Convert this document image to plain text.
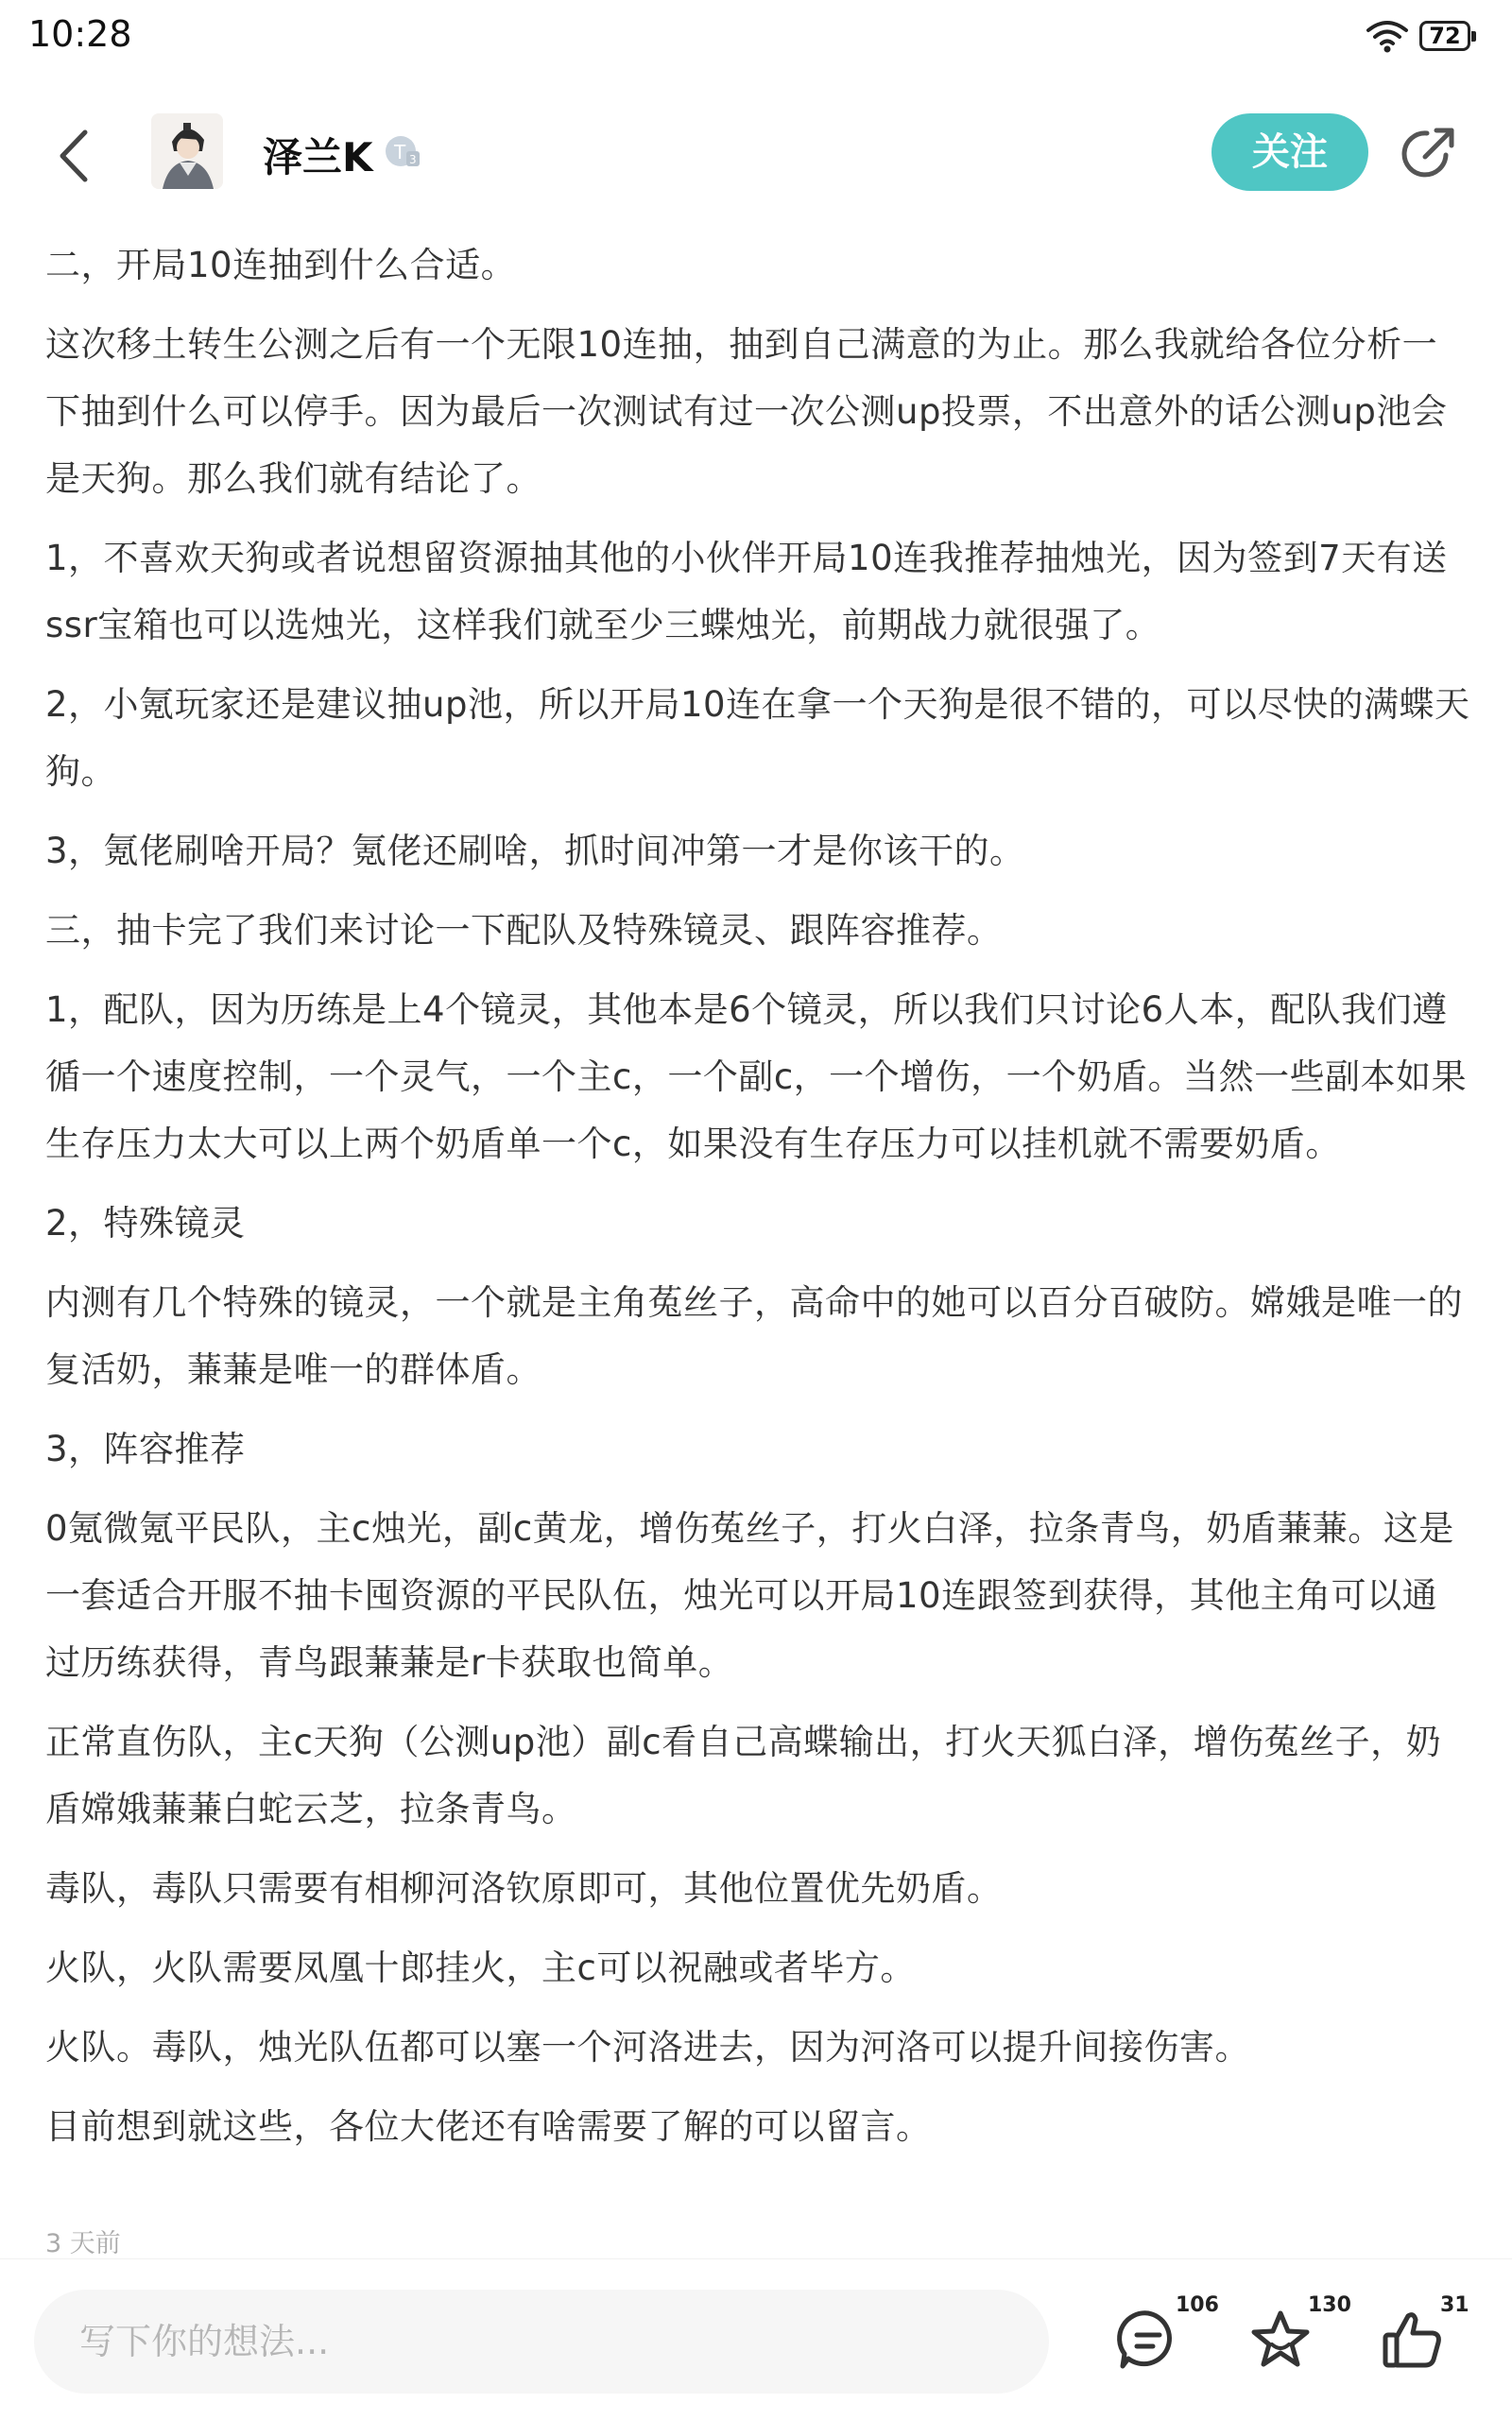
10:28	72
泽兰K T 3	关注

二，开局10连抽到什么合适。

这次移土转生公测之后有一个无限10连抽，抽到自己满意的为止。那么我就给各位分析一下抽到什么可以停手。因为最后一次测试有过一次公测up投票，不出意外的话公测up池会是天狗。那么我们就有结论了。

1，不喜欢天狗或者说想留资源抽其他的小伙伴开局10连我推荐抽烛光，因为签到7天有送ssr宝箱也可以选烛光，这样我们就至少三蝶烛光，前期战力就很强了。

2，小氪玩家还是建议抽up池，所以开局10连在拿一个天狗是很不错的，可以尽快的满蝶天狗。

3，氪佬刷啥开局？氪佬还刷啥，抓时间冲第一才是你该干的。

三，抽卡完了我们来讨论一下配队及特殊镜灵、跟阵容推荐。

1，配队，因为历练是上4个镜灵，其他本是6个镜灵，所以我们只讨论6人本，配队我们遵循一个速度控制，一个灵气，一个主c，一个副c，一个增伤，一个奶盾。当然一些副本如果生存压力太大可以上两个奶盾单一个c，如果没有生存压力可以挂机就不需要奶盾。

2，特殊镜灵

内测有几个特殊的镜灵，一个就是主角菟丝子，高命中的她可以百分百破防。嫦娥是唯一的复活奶，蒹蒹是唯一的群体盾。

3，阵容推荐

0氪微氪平民队，主c烛光，副c黄龙，增伤菟丝子，打火白泽，拉条青鸟，奶盾蒹蒹。这是一套适合开服不抽卡囤资源的平民队伍，烛光可以开局10连跟签到获得，其他主角可以通过历练获得，青鸟跟蒹蒹是r卡获取也简单。

正常直伤队，主c天狗（公测up池）副c看自己高蝶输出，打火天狐白泽，增伤菟丝子，奶盾嫦娥蒹蒹白蛇云芝，拉条青鸟。

毒队，毒队只需要有相柳河洛钦原即可，其他位置优先奶盾。

火队，火队需要凤凰十郎挂火，主c可以祝融或者毕方。

火队。毒队，烛光队伍都可以塞一个河洛进去，因为河洛可以提升间接伤害。

目前想到就这些，各位大佬还有啥需要了解的可以留言。

3 天前
写下你的想法...
106	130	31
